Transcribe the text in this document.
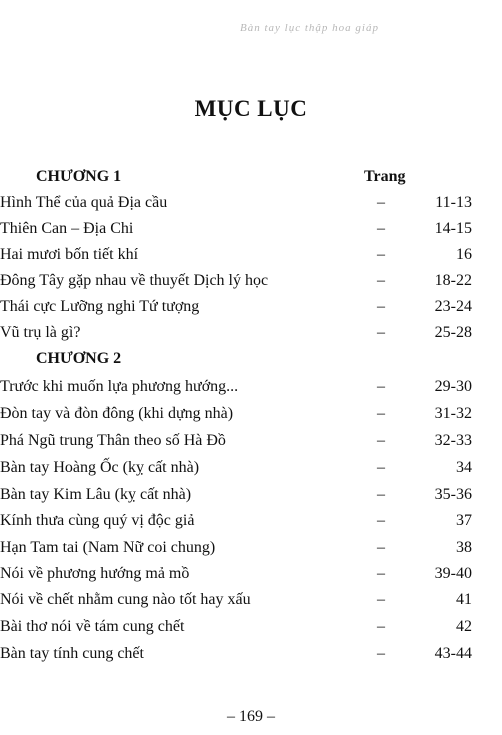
Bàn tay lục thập hoa giáp
MỤC LỤC
CHƯƠNG 1	Trang
Hình Thể của quả Địa cầu	–	11-13
Thiên Can – Địa Chi	–	14-15
Hai mươi bốn tiết khí	–	16
Đông Tây gặp nhau về thuyết Dịch lý học	–	18-22
Thái cực Lưỡng nghi Tứ tượng	–	23-24
Vũ trụ là gì?	–	25-28
CHƯƠNG 2
Trước khi muốn lựa phương hướng...	–	29-30
Đòn tay và đòn đông (khi dựng nhà)	–	31-32
Phá Ngũ trung Thân theo số Hà Đồ	–	32-33
Bàn tay Hoàng Ốc (kỵ cất nhà)	–	34
Bàn tay Kim Lâu (kỵ cất nhà)	–	35-36
Kính thưa cùng quý vị độc giả	–	37
Hạn Tam tai (Nam Nữ coi chung)	–	38
Nói về phương hướng mả mồ	–	39-40
Nói về chết nhằm cung nào tốt hay xấu	–	41
Bài thơ nói về tám cung chết	–	42
Bàn tay tính cung chết	–	43-44
– 169 –
